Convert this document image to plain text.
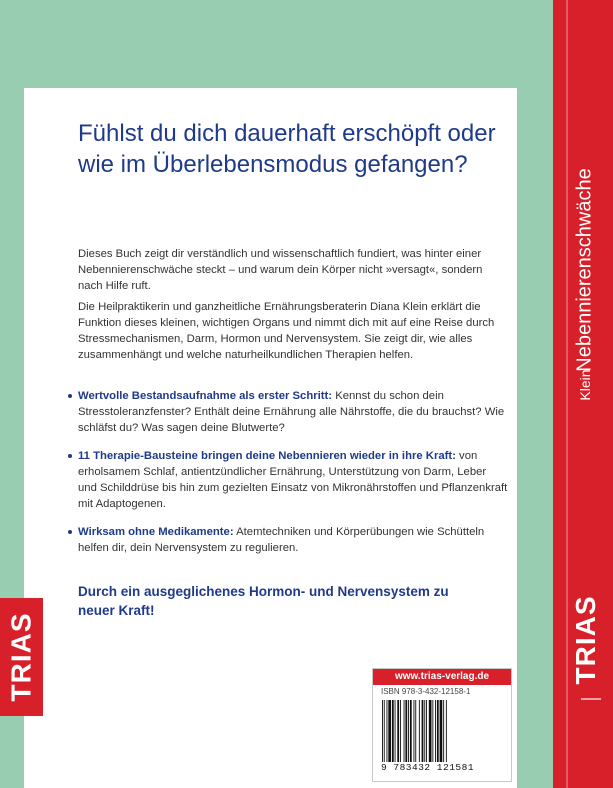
Fühlst du dich dauerhaft erschöpft oder wie im Überlebensmodus gefangen?

Dieses Buch zeigt dir verständlich und wissenschaftlich fundiert, was hinter einer Nebennierenschwäche steckt – und warum dein Körper nicht »versagt«, sondern nach Hilfe ruft.

Die Heilpraktikerin und ganzheitliche Ernährungsberaterin Diana Klein erklärt die Funktion dieses kleinen, wichtigen Organs und nimmt dich mit auf eine Reise durch Stressmechanismen, Darm, Hormon und Nervensystem. Sie zeigt dir, wie alles zusammenhängt und welche naturheilkundlichen Therapien helfen.

Wertvolle Bestandsaufnahme als erster Schritt: Kennst du schon dein Stresstoleranzfenster? Enthält deine Ernährung alle Nährstoffe, die du brauchst? Wie schläfst du? Was sagen deine Blutwerte?
11 Therapie-Bausteine bringen deine Nebennieren wieder in ihre Kraft: von erholsamem Schlaf, antientzündlicher Ernährung, Unterstützung von Darm, Leber und Schilddrüse bis hin zum gezielten Einsatz von Mikronährstoffen und Pflanzenkraft mit Adaptogenen.
Wirksam ohne Medikamente: Atemtechniken und Körperübungen wie Schütteln helfen dir, dein Nervensystem zu regulieren.
Durch ein ausgeglichenes Hormon- und Nervensystem zu neuer Kraft!
TRIAS	www.trias-verlag.de
ISBN 978-3-432-12158-1
9 783432 121581
Nebennierenschwäche
Klein
TRIAS
